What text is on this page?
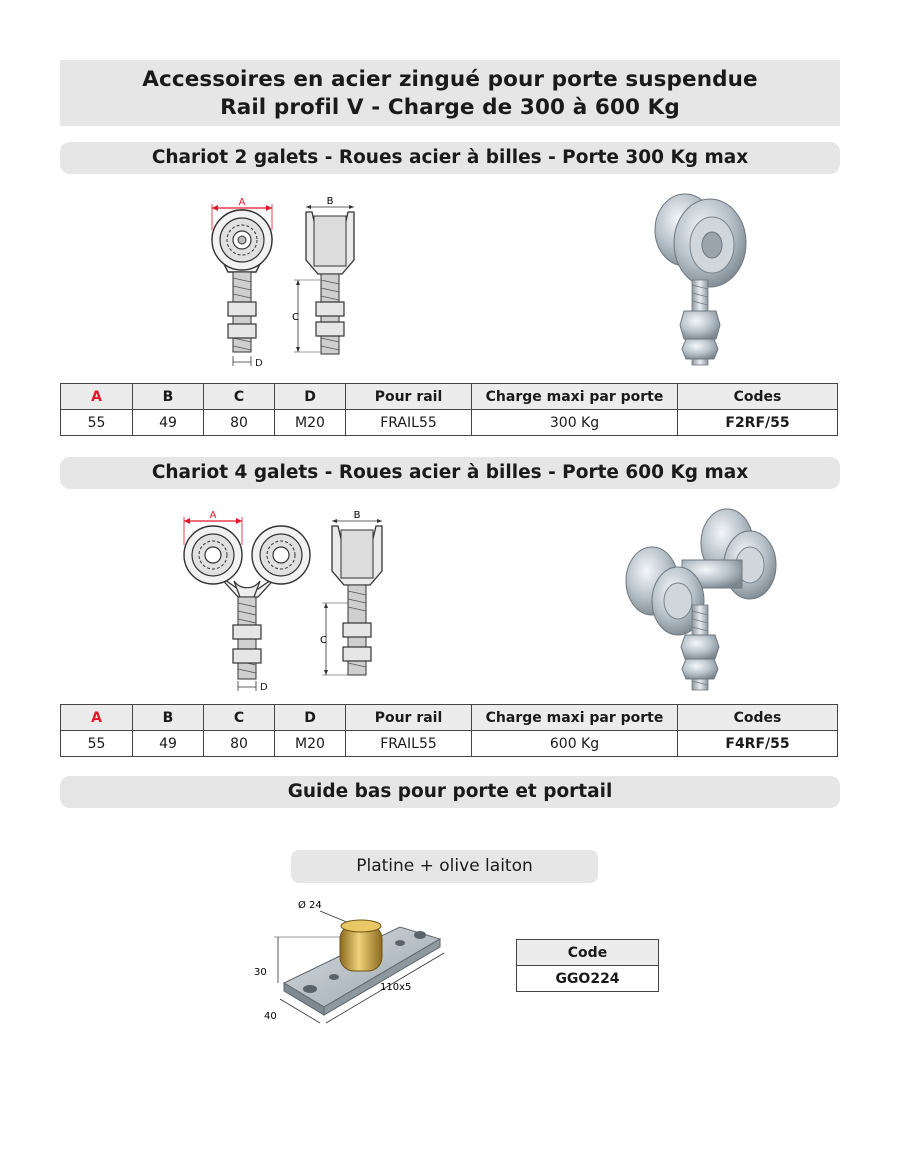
Accessoires en acier zingué pour porte suspendue
Rail profil V - Charge de 300 à 600 Kg
Chariot 2 galets - Roues acier à billes - Porte 300 Kg max
A
D
B
C
A	B	C	D	Pour rail	Charge maxi par porte	Codes
55	49	80	M20	FRAIL55	300 Kg	F2RF/55
Chariot 4 galets - Roues acier à billes - Porte 600 Kg max
A
D
B
C
A	B	C	D	Pour rail	Charge maxi par porte	Codes
55	49	80	M20	FRAIL55	600 Kg	F4RF/55
Guide bas pour porte et portail
Platine + olive laiton
Ø 24
30
40
110x5
Code
GGO224
